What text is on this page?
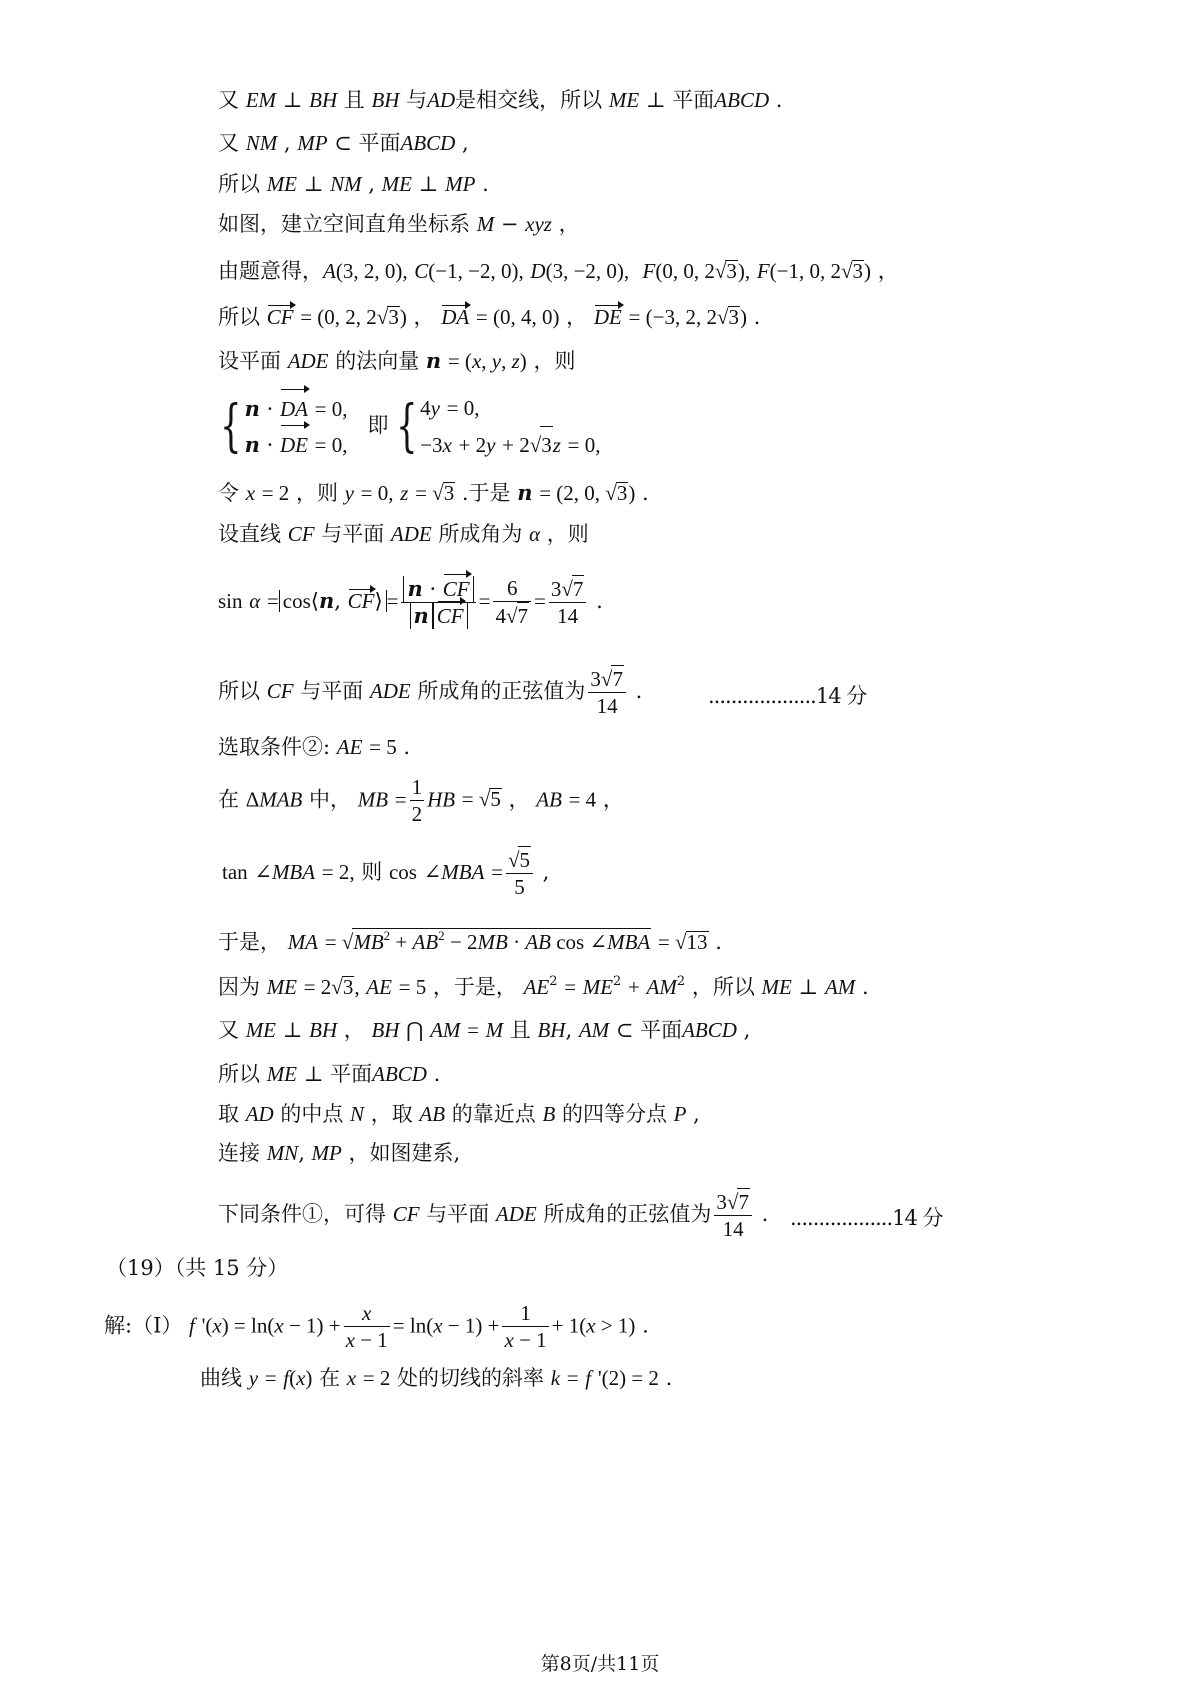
又 EM ⊥ BH 且 BH 与AD是相交线，所以 ME ⊥ 平面ABCD .
又 NM , MP ⊂ 平面ABCD ,
所以 ME ⊥ NM , ME ⊥ MP .
如图，建立空间直角坐标系 M − xyz ，
由题意得，A(3, 2, 0), C(−1, −2, 0), D(3, −2, 0), F(0, 0, 2√3), F(−1, 0, 2√3) ，
所以 CF = (0, 2, 2√3) ， DA = (0, 4, 0) ， DE = (−3, 2, 2√3) .
设平面 ADE 的法向量 n = (x, y, z) ，则
{ n · DA = 0,
n · DE = 0,
即 { 4y = 0,
−3x + 2y + 2√3z = 0,
令 x = 2 ，则 y = 0, z = √3 .于是 n = (2, 0, √3) .
设直线 CF 与平面 ADE 所成角为 α ，则
sin α = cos⟨n, CF⟩ = $\frac{n \cdot CF}{\text{n CF}} = \frac{6}{4√7} = \frac{3√7}{14}$ .
所以 CF 与平面 ADE 所成角的正弦值为 $\frac{3√7}{14}$ .	...................14 分
选取条件②: AE = 5 .
在 ΔMAB 中， MB = $\frac{1}{2}$ HB = √5 ， AB = 4 ，
tan ∠MBA = 2, 则 cos ∠MBA = $\frac{√5}{5}$ ,
于是， MA = $√MB^2 + AB^2 - 2MB$ · AB cos ∠MBA = √13 .
因为 ME = 2√3, AE = 5 ，于是， $AE^2 = ME^2 + AM^2$ ，所以 ME ⊥ AM .
又 ME ⊥ BH ， BH ⋂ AM = M 且 BH, AM ⊂ 平面ABCD ,
所以 ME ⊥ 平面ABCD .
取 AD 的中点 N ，取 AB 的靠近点 B 的四等分点 P ,
连接 MN, MP ，如图建系,
下同条件①，可得 CF 与平面 ADE 所成角的正弦值为 $\frac{3√7}{14}$ . ..................14 分
（19）（共 15 分）
解:（Ⅰ） f '$(x) = \ln(x - 1) + \frac{x}{x - 1} = \ln(x - 1) + \frac{1}{x - 1} + 1(x > 1)$ .
曲线 y = f(x) 在 x = 2 处的切线的斜率 k = f '(2) = 2 .
第8页/共11页
